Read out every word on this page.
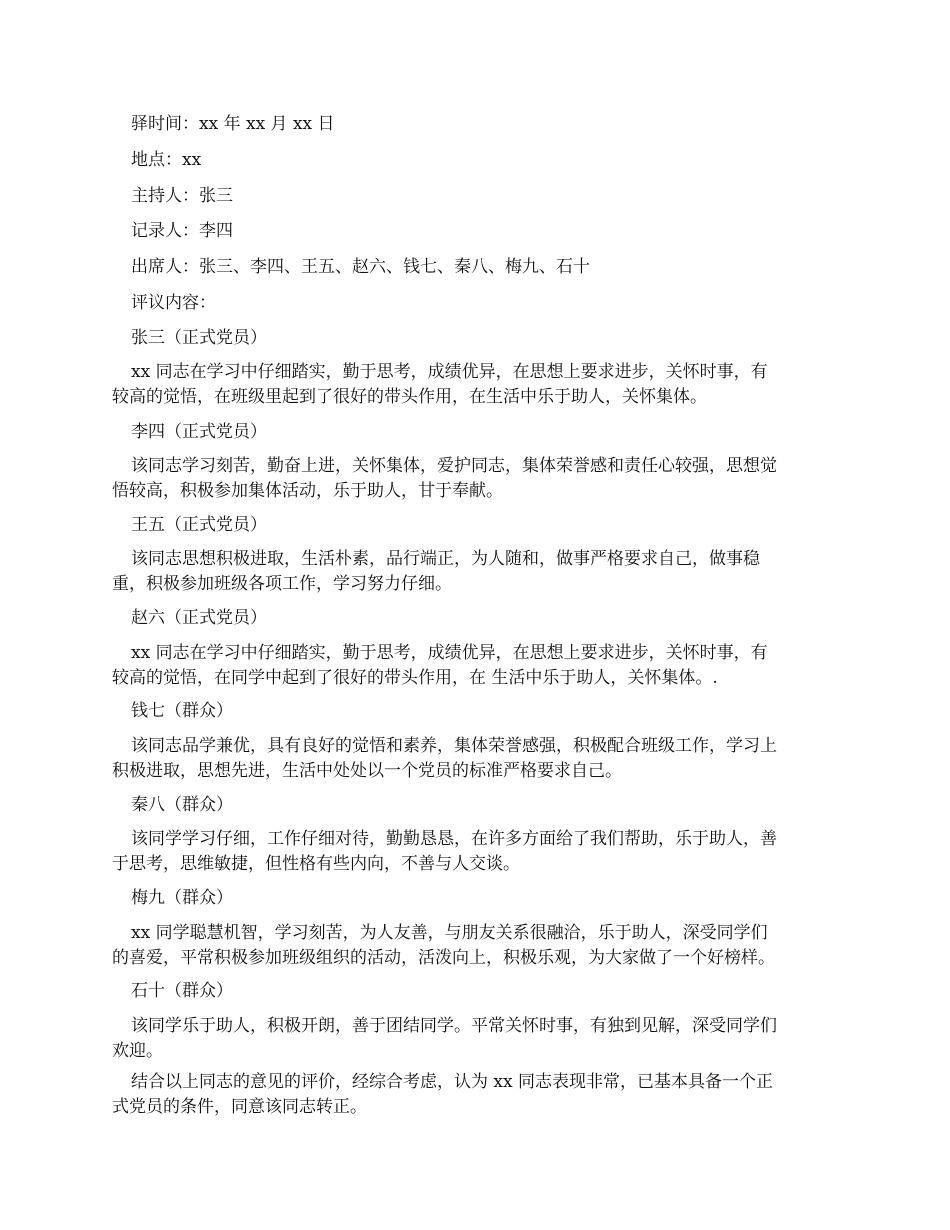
驿时间：xx 年 xx 月 xx 日
地点：xx
主持人：张三
记录人：李四
出席人：张三、李四、王五、赵六、钱七、秦八、梅九、石十
评议内容：
张三（正式党员）
xx 同志在学习中仔细踏实，勤于思考，成绩优异，在思想上要求进步，关怀时事，有
较高的觉悟，在班级里起到了很好的带头作用，在生活中乐于助人，关怀集体。
李四（正式党员）
该同志学习刻苦，勤奋上进，关怀集体，爱护同志，集体荣誉感和责任心较强，思想觉
悟较高，积极参加集体活动，乐于助人，甘于奉献。
王五（正式党员）
该同志思想积极进取，生活朴素，品行端正，为人随和，做事严格要求自己，做事稳
重，积极参加班级各项工作，学习努力仔细。
赵六（正式党员）
xx 同志在学习中仔细踏实，勤于思考，成绩优异，在思想上要求进步，关怀时事，有
较高的觉悟，在同学中起到了很好的带头作用，在 生活中乐于助人，关怀集体。.
钱七（群众）
该同志品学兼优，具有良好的觉悟和素养，集体荣誉感强，积极配合班级工作，学习上
积极进取，思想先进，生活中处处以一个党员的标准严格要求自己。
秦八（群众）
该同学学习仔细，工作仔细对待，勤勤恳恳，在许多方面给了我们帮助，乐于助人，善
于思考，思维敏捷，但性格有些内向，不善与人交谈。
梅九（群众）
xx 同学聪慧机智，学习刻苦，为人友善，与朋友关系很融洽，乐于助人，深受同学们
的喜爱，平常积极参加班级组织的活动，活泼向上，积极乐观，为大家做了一个好榜样。
石十（群众）
该同学乐于助人，积极开朗，善于团结同学。平常关怀时事，有独到见解，深受同学们
欢迎。
结合以上同志的意见的评价，经综合考虑，认为 xx 同志表现非常，已基本具备一个正
式党员的条件，同意该同志转正。
